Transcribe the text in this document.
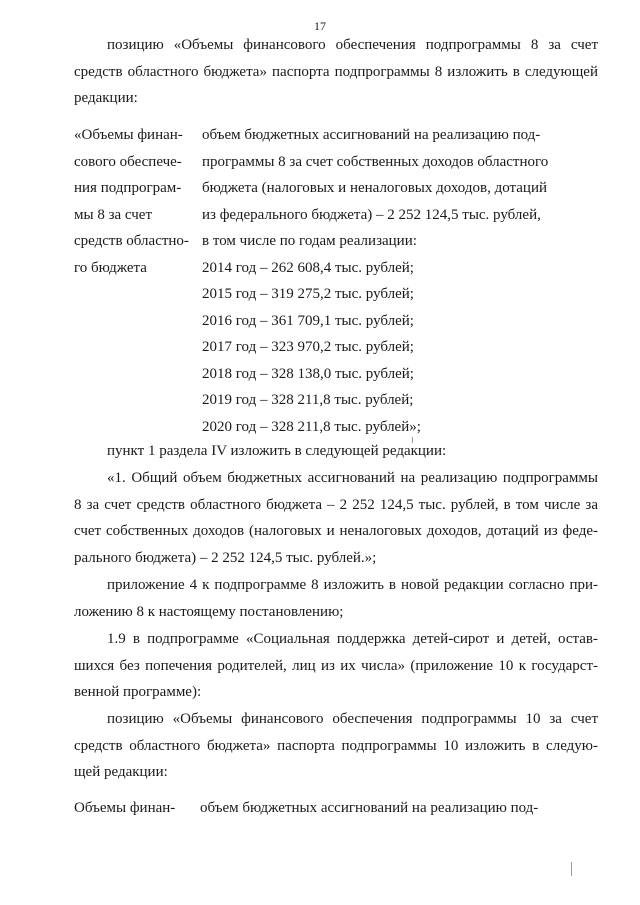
17

позицию «Объемы финансового обеспечения подпрограммы 8 за счет
средств областного бюджета» паспорта подпрограммы 8 изложить в следующей
редакции:

«Объемы финан-
сового обеспече-
ния подпрограм-
мы 8 за счет
средств областно-
го бюджета
объем бюджетных ассигнований на реализацию под-
программы 8 за счет собственных доходов областного
бюджета (налоговых и неналоговых доходов, дотаций
из федерального бюджета) – 2 252 124,5 тыс. рублей,
в том числе по годам реализации:
2014 год – 262 608,4 тыс. рублей;
2015 год – 319 275,2 тыс. рублей;
2016 год – 361 709,1 тыс. рублей;
2017 год – 323 970,2 тыс. рублей;
2018 год – 328 138,0 тыс. рублей;
2019 год – 328 211,8 тыс. рублей;
2020 год – 328 211,8 тыс. рублей»;

пункт 1 раздела IV изложить в следующей редакции:

«1. Общий объем бюджетных ассигнований на реализацию подпрограммы
8 за счет средств областного бюджета – 2 252 124,5 тыс. рублей, в том числе за
счет собственных доходов (налоговых и неналоговых доходов, дотаций из феде-
рального бюджета) – 2 252 124,5 тыс. рублей.»;

приложение 4 к подпрограмме 8 изложить в новой редакции согласно при-
ложению 8 к настоящему постановлению;

1.9 в подпрограмме «Социальная поддержка детей-сирот и детей, остав-
шихся без попечения родителей, лиц из их числа» (приложение 10 к государст-
венной программе):

позицию «Объемы финансового обеспечения подпрограммы 10 за счет
средств областного бюджета» паспорта подпрограммы 10 изложить в следую-
щей редакции:

Объемы финан-	объем бюджетных ассигнований на реализацию под-
